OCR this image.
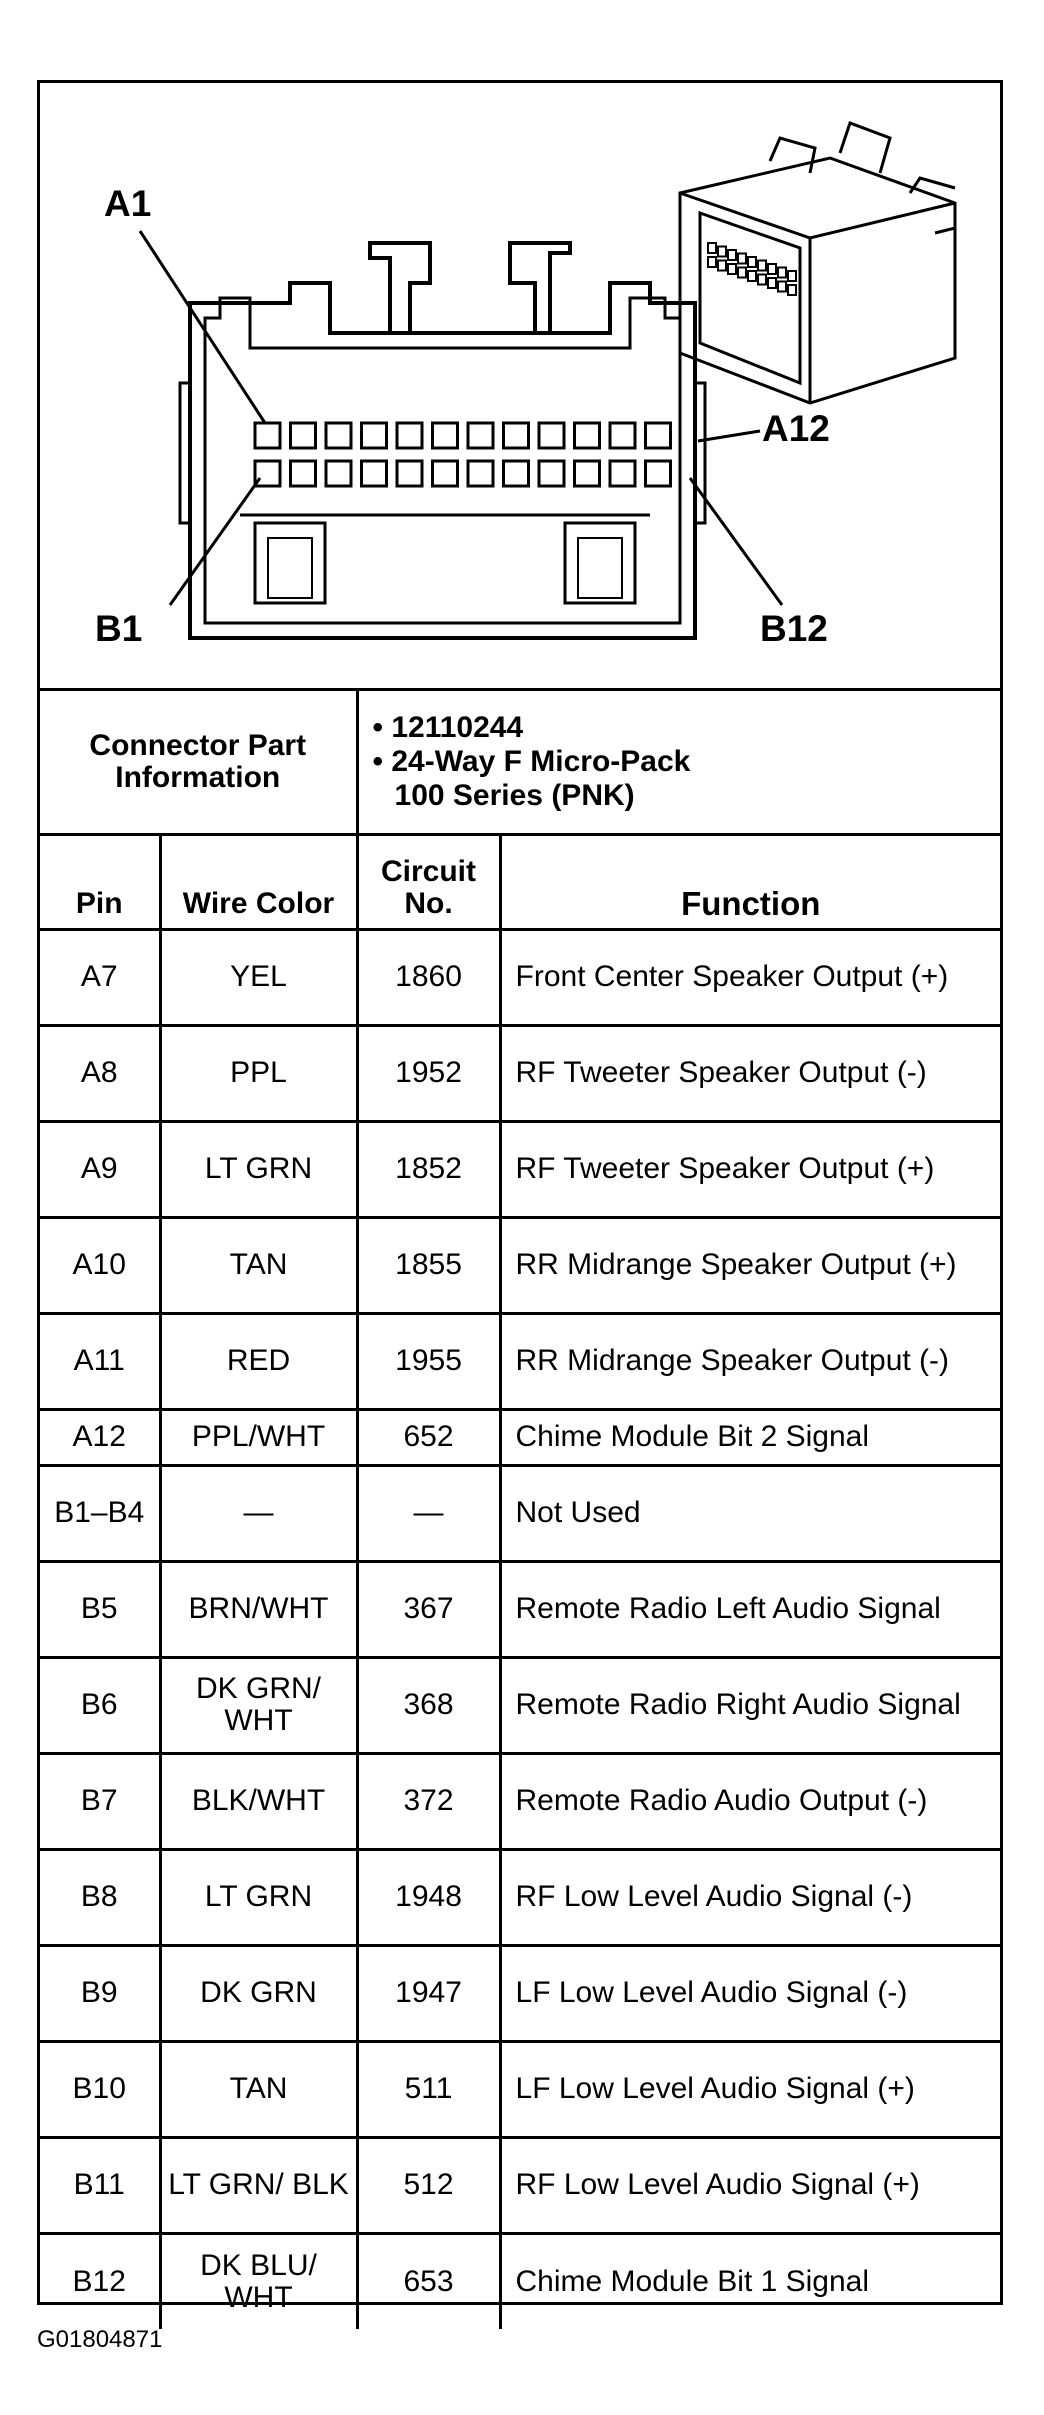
A1
A12
B1	B12
Connector Part Information		• 12110244
• 24-Way F Micro-Pack
100 Series (PNK)	

Pin	Wire Color	Circuit No.	Function
A7	YEL	1860	Front Center Speaker Output (+)
A8	PPL	1952	RF Tweeter Speaker Output (-)
A9	LT GRN	1852	RF Tweeter Speaker Output (+)
A10	TAN	1855	RR Midrange Speaker Output (+)
A11	RED	1955	RR Midrange Speaker Output (-)
A12	PPL/WHT	652	Chime Module Bit 2 Signal
B1–B4	—	—	Not Used
B5	BRN/WHT	367	Remote Radio Left Audio Signal
B6	DK GRN/ WHT	368	Remote Radio Right Audio Signal
B7	BLK/WHT	372	Remote Radio Audio Output (-)
B8	LT GRN	1948	RF Low Level Audio Signal (-)
B9	DK GRN	1947	LF Low Level Audio Signal (-)
B10	TAN	511	LF Low Level Audio Signal (+)
B11	LT GRN/ BLK	512	RF Low Level Audio Signal (+)
B12	DK BLU/ WHT	653	Chime Module Bit 1 Signal
G01804871
